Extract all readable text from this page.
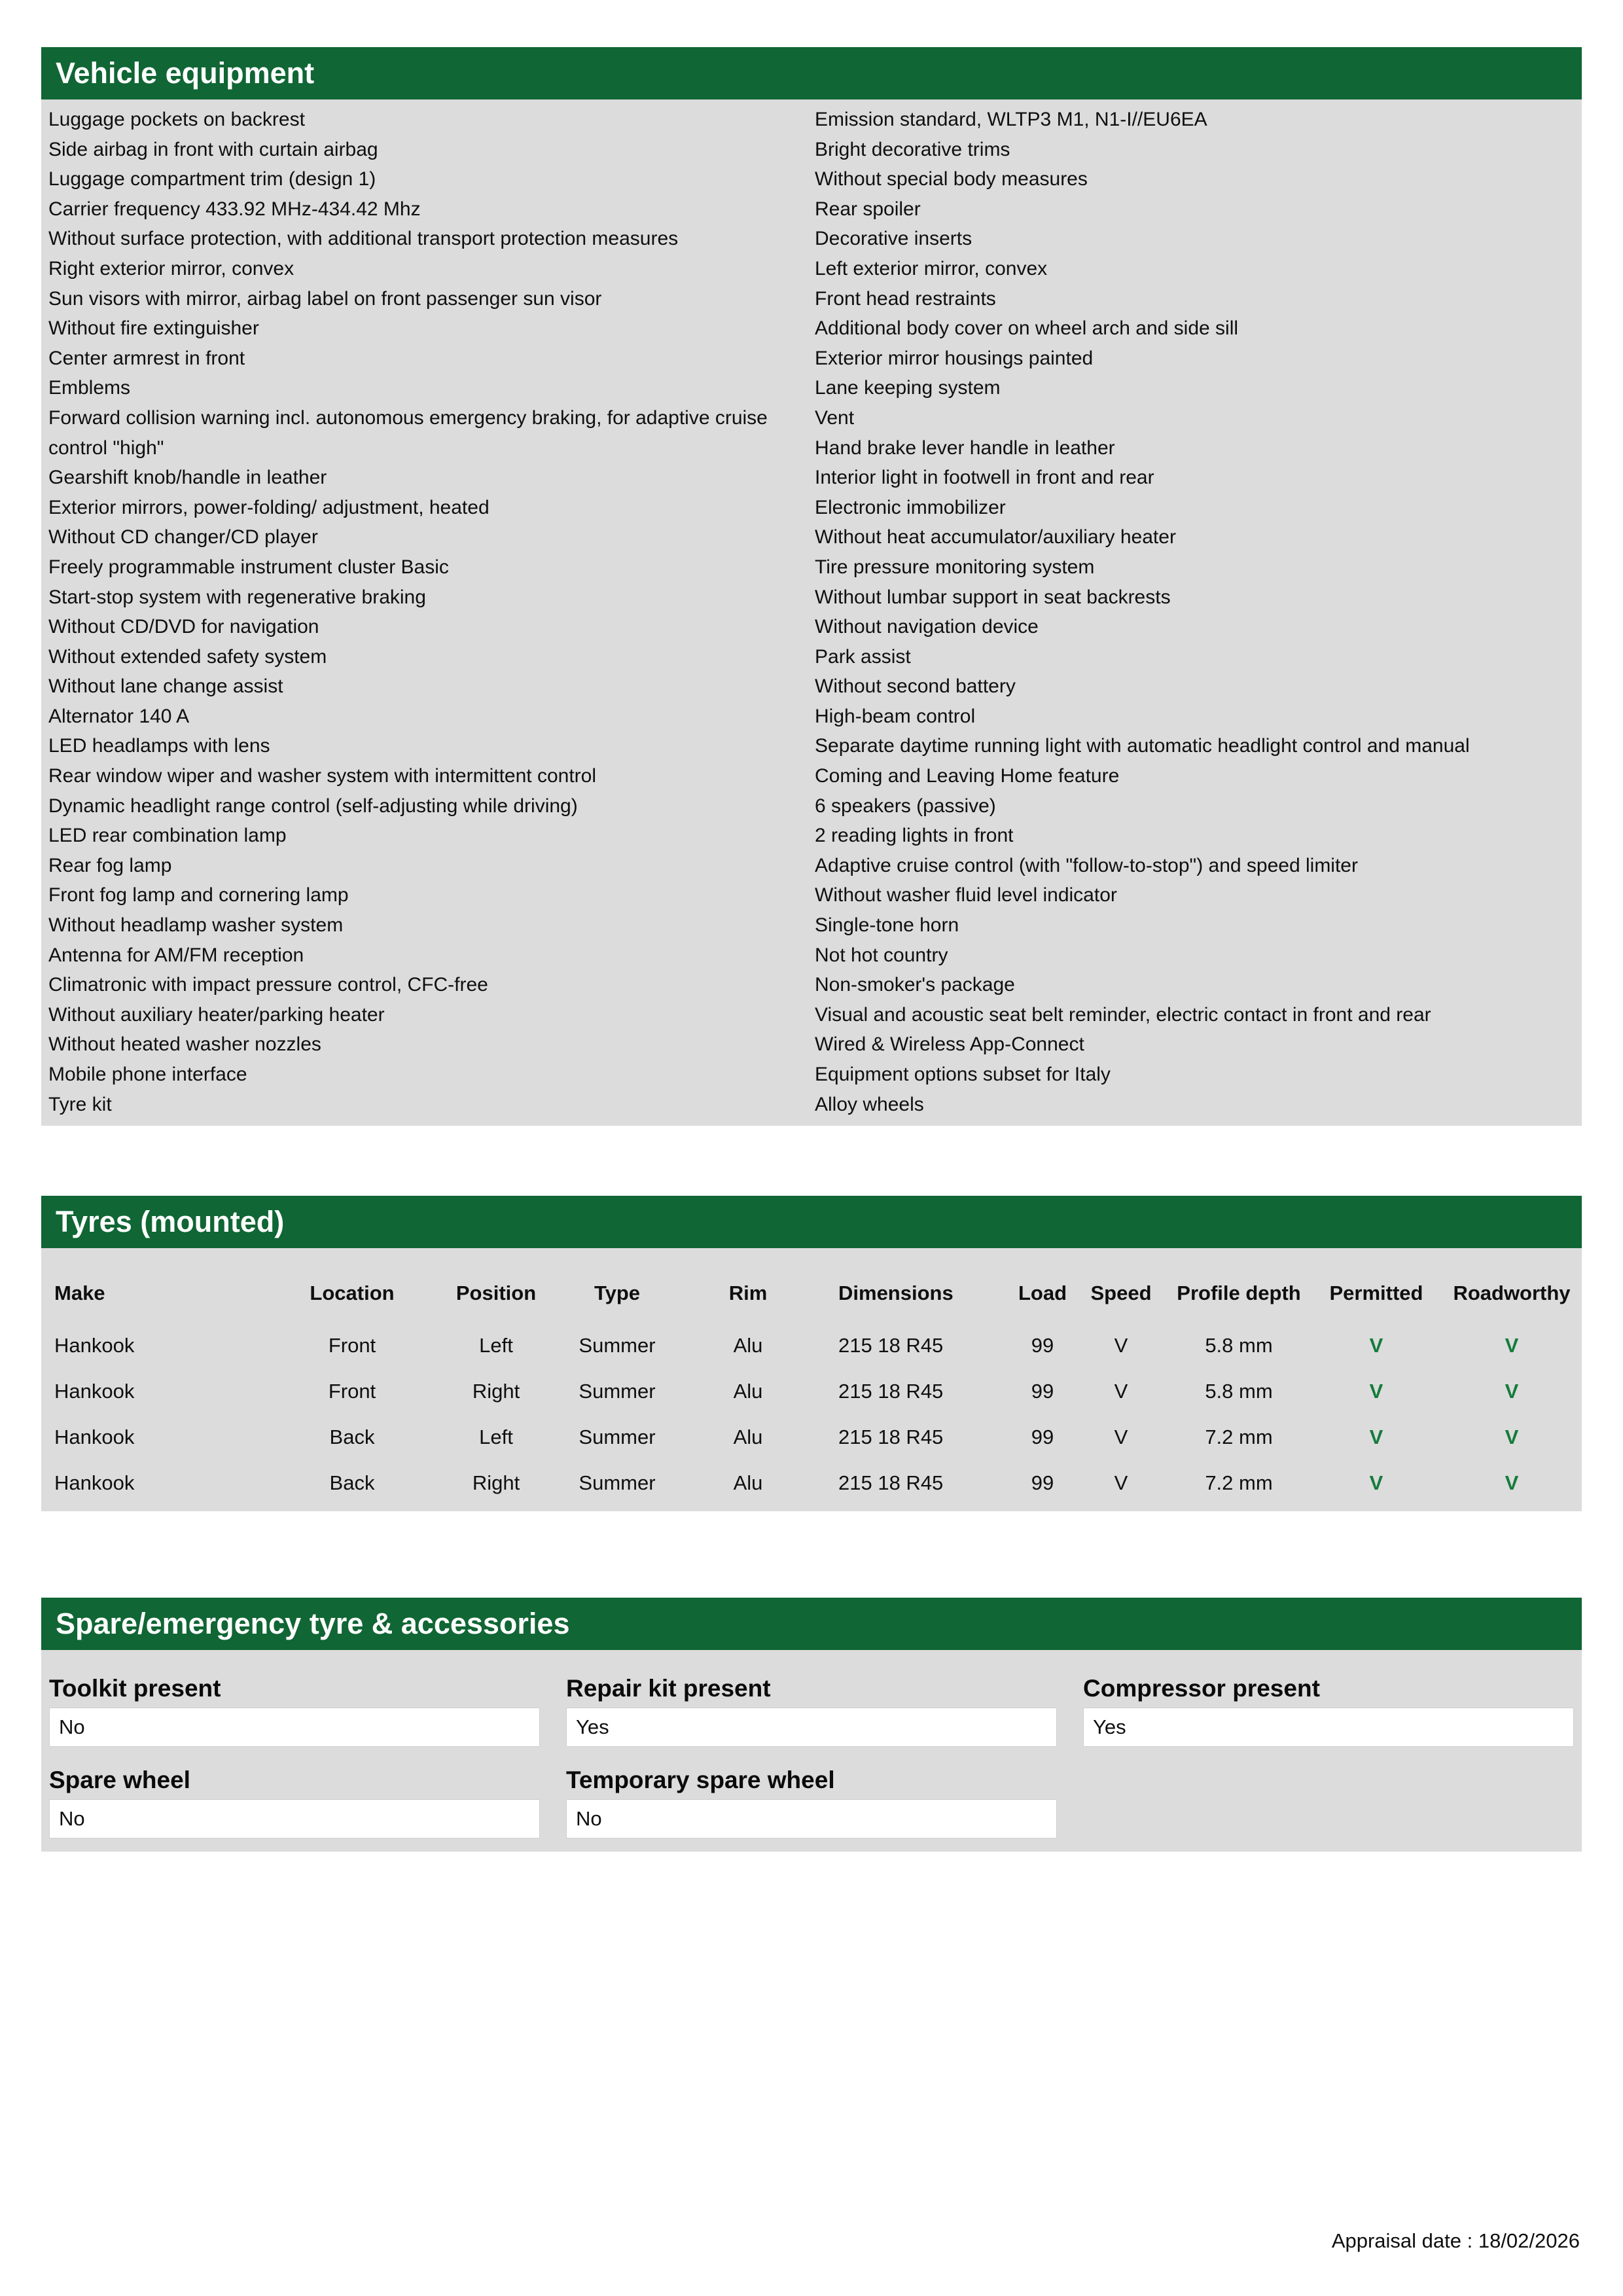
Vehicle equipment
Luggage pockets on backrest
Side airbag in front with curtain airbag
Luggage compartment trim (design 1)
Carrier frequency 433.92 MHz-434.42 Mhz
Without surface protection, with additional transport protection measures
Right exterior mirror, convex
Sun visors with mirror, airbag label on front passenger sun visor
Without fire extinguisher
Center armrest in front
Emblems
Forward collision warning incl. autonomous emergency braking, for adaptive cruise control "high"
Gearshift knob/handle in leather
Exterior mirrors, power-folding/ adjustment, heated
Without CD changer/CD player
Freely programmable instrument cluster Basic
Start-stop system with regenerative braking
Without CD/DVD for navigation
Without extended safety system
Without lane change assist
Alternator 140 A
LED headlamps with lens
Rear window wiper and washer system with intermittent control
Dynamic headlight range control (self-adjusting while driving)
LED rear combination lamp
Rear fog lamp
Front fog lamp and cornering lamp
Without headlamp washer system
Antenna for AM/FM reception
Climatronic with impact pressure control, CFC-free
Without auxiliary heater/parking heater
Without heated washer nozzles
Mobile phone interface
Tyre kit
Emission standard, WLTP3 M1, N1-I//EU6EA
Bright decorative trims
Without special body measures
Rear spoiler
Decorative inserts
Left exterior mirror, convex
Front head restraints
Additional body cover on wheel arch and side sill
Exterior mirror housings painted
Lane keeping system
Vent
Hand brake lever handle in leather
Interior light in footwell in front and rear
Electronic immobilizer
Without heat accumulator/auxiliary heater
Tire pressure monitoring system
Without lumbar support in seat backrests
Without navigation device
Park assist
Without second battery
High-beam control
Separate daytime running light with automatic headlight control and manual
Coming and Leaving Home feature
6 speakers (passive)
2 reading lights in front
Adaptive cruise control (with "follow-to-stop") and speed limiter
Without washer fluid level indicator
Single-tone horn
Not hot country
Non-smoker's package
Visual and acoustic seat belt reminder, electric contact in front and rear
Wired & Wireless App-Connect
Equipment options subset for Italy
Alloy wheels
Tyres (mounted)
Make	Location	Position	Type	Rim	Dimensions	Load	Speed	Profile depth	Permitted	Roadworthy
Hankook	Front	Left	Summer	Alu	215 18 R45	99	V	5.8 mm	V	V
Hankook	Front	Right	Summer	Alu	215 18 R45	99	V	5.8 mm	V	V
Hankook	Back	Left	Summer	Alu	215 18 R45	99	V	7.2 mm	V	V
Hankook	Back	Right	Summer	Alu	215 18 R45	99	V	7.2 mm	V	V
Spare/emergency tyre & accessories
Toolkit present
No
Repair kit present
Yes
Compressor present
Yes
Spare wheel
No
Temporary spare wheel
No
Appraisal date : 18/02/2026
